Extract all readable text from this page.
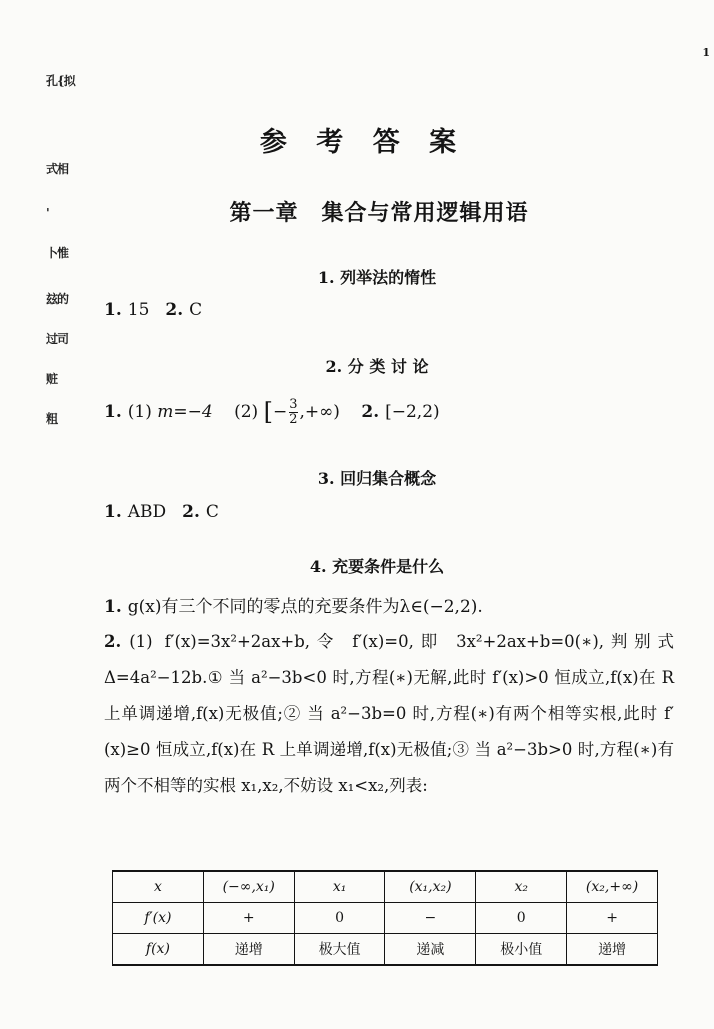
1
孔{拟
式相
'
卜惟
玆的
过司
赃
粗
参 考 答 案
第一章　集合与常用逻辑用语
1. 列举法的惰性
1. 15 2. C
2. 分 类 讨 论
1. (1) m=−4 (2) [− $\frac{3}{2}$ ,+∞) 2. [−2,2)
3. 回归集合概念
1. ABD 2. C
4. 充要条件是什么
1. g(x)有三个不同的零点的充要条件为λ∈(−2,2).
2. (1) f′(x)=3x²+2ax+b,令 f′(x)=0,即 3x²+2ax+b=0(∗),判别式Δ=4a²−12b.① 当 a²−3b<0 时,方程(∗)无解,此时 f′(x)>0 恒成立,f(x)在 R 上单调递增,f(x)无极值;② 当 a²−3b=0 时,方程(∗)有两个相等实根,此时 f′(x)≥0 恒成立,f(x)在 R 上单调递增,f(x)无极值;③ 当 a²−3b>0 时,方程(∗)有两个不相等的实根 x₁,x₂,不妨设 x₁<x₂,列表:
x	(−∞,x₁)	x₁	(x₁,x₂)	x₂	(x₂,+∞)
f′(x)	+	0	−	0	+
f(x)	递增	极大值	递减	极小值	递增
